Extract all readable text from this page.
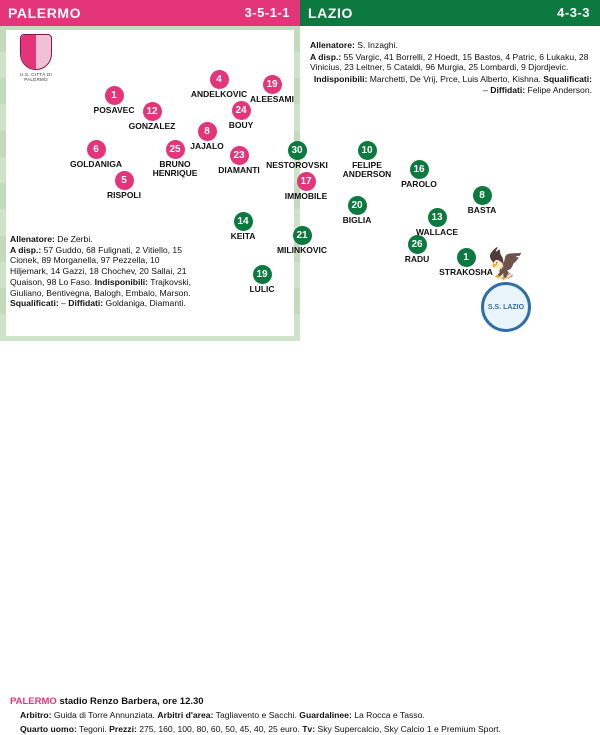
PALERMO	3-5-1-1	LAZIO	4-3-3
U.S. CITTÀ DI PALERMO
🦅
S.S. LAZIO
1
POSAVEC	12
GONZALEZ
4
ANDELKOVIC
6
GOLDANIGA
25
BRUNO HENRIQUE
23
DIAMANTI
24
BOUY
8
JAJALO
19
ALEESAMI
5
RISPOLI
17
IMMOBILE
1
STRAKOSHA
26
RADU
13
WALLACE
16
PAROLO
8
BASTA
20
BIGLIA
21
MILINKOVIC
14
KEITA
19
LULIC
10
FELIPE ANDERSON
30
NESTOROVSKI
Allenatore: De Zerbi.
A disp.: 57 Guddo, 68 Fulignati, 2 Vitiello, 15 Cionek, 89 Morganella, 97 Pezzella, 10 Hiljemark, 14 Gazzi, 18 Chochev, 20 Sallai, 21 Quaison, 98 Lo Faso. Indisponibili: Trajkovski, Giuliano, Bentivegna, Balogh, Embalo, Marson. Squalificati: – Diffidati: Goldaniga, Diamanti.
Allenatore: S. Inzaghi.
A disp.: 55 Vargic, 41 Borrelli, 2 Hoedt, 15 Bastos, 4 Patric, 6 Lukaku, 28 Vinicius, 23 Leitner, 5 Cataldi, 96 Murgia, 25 Lombardi, 9 Djordjevic.
Indisponibili: Marchetti, De Vrij, Prce, Luis Alberto, Kishna. Squalificati: – Diffidati: Felipe Anderson.
PALERMO stadio Renzo Barbera, ore 12.30
Arbitro: Guida di Torre Annunziata. Arbitri d'area: Tagliavento e Sacchi. Guardalinee: La Rocca e Tasso.
Quarto uomo: Tegoni. Prezzi: 275, 160, 100, 80, 60, 50, 45, 40, 25 euro. Tv: Sky Supercalcio, Sky Calcio 1 e Premium Sport.
